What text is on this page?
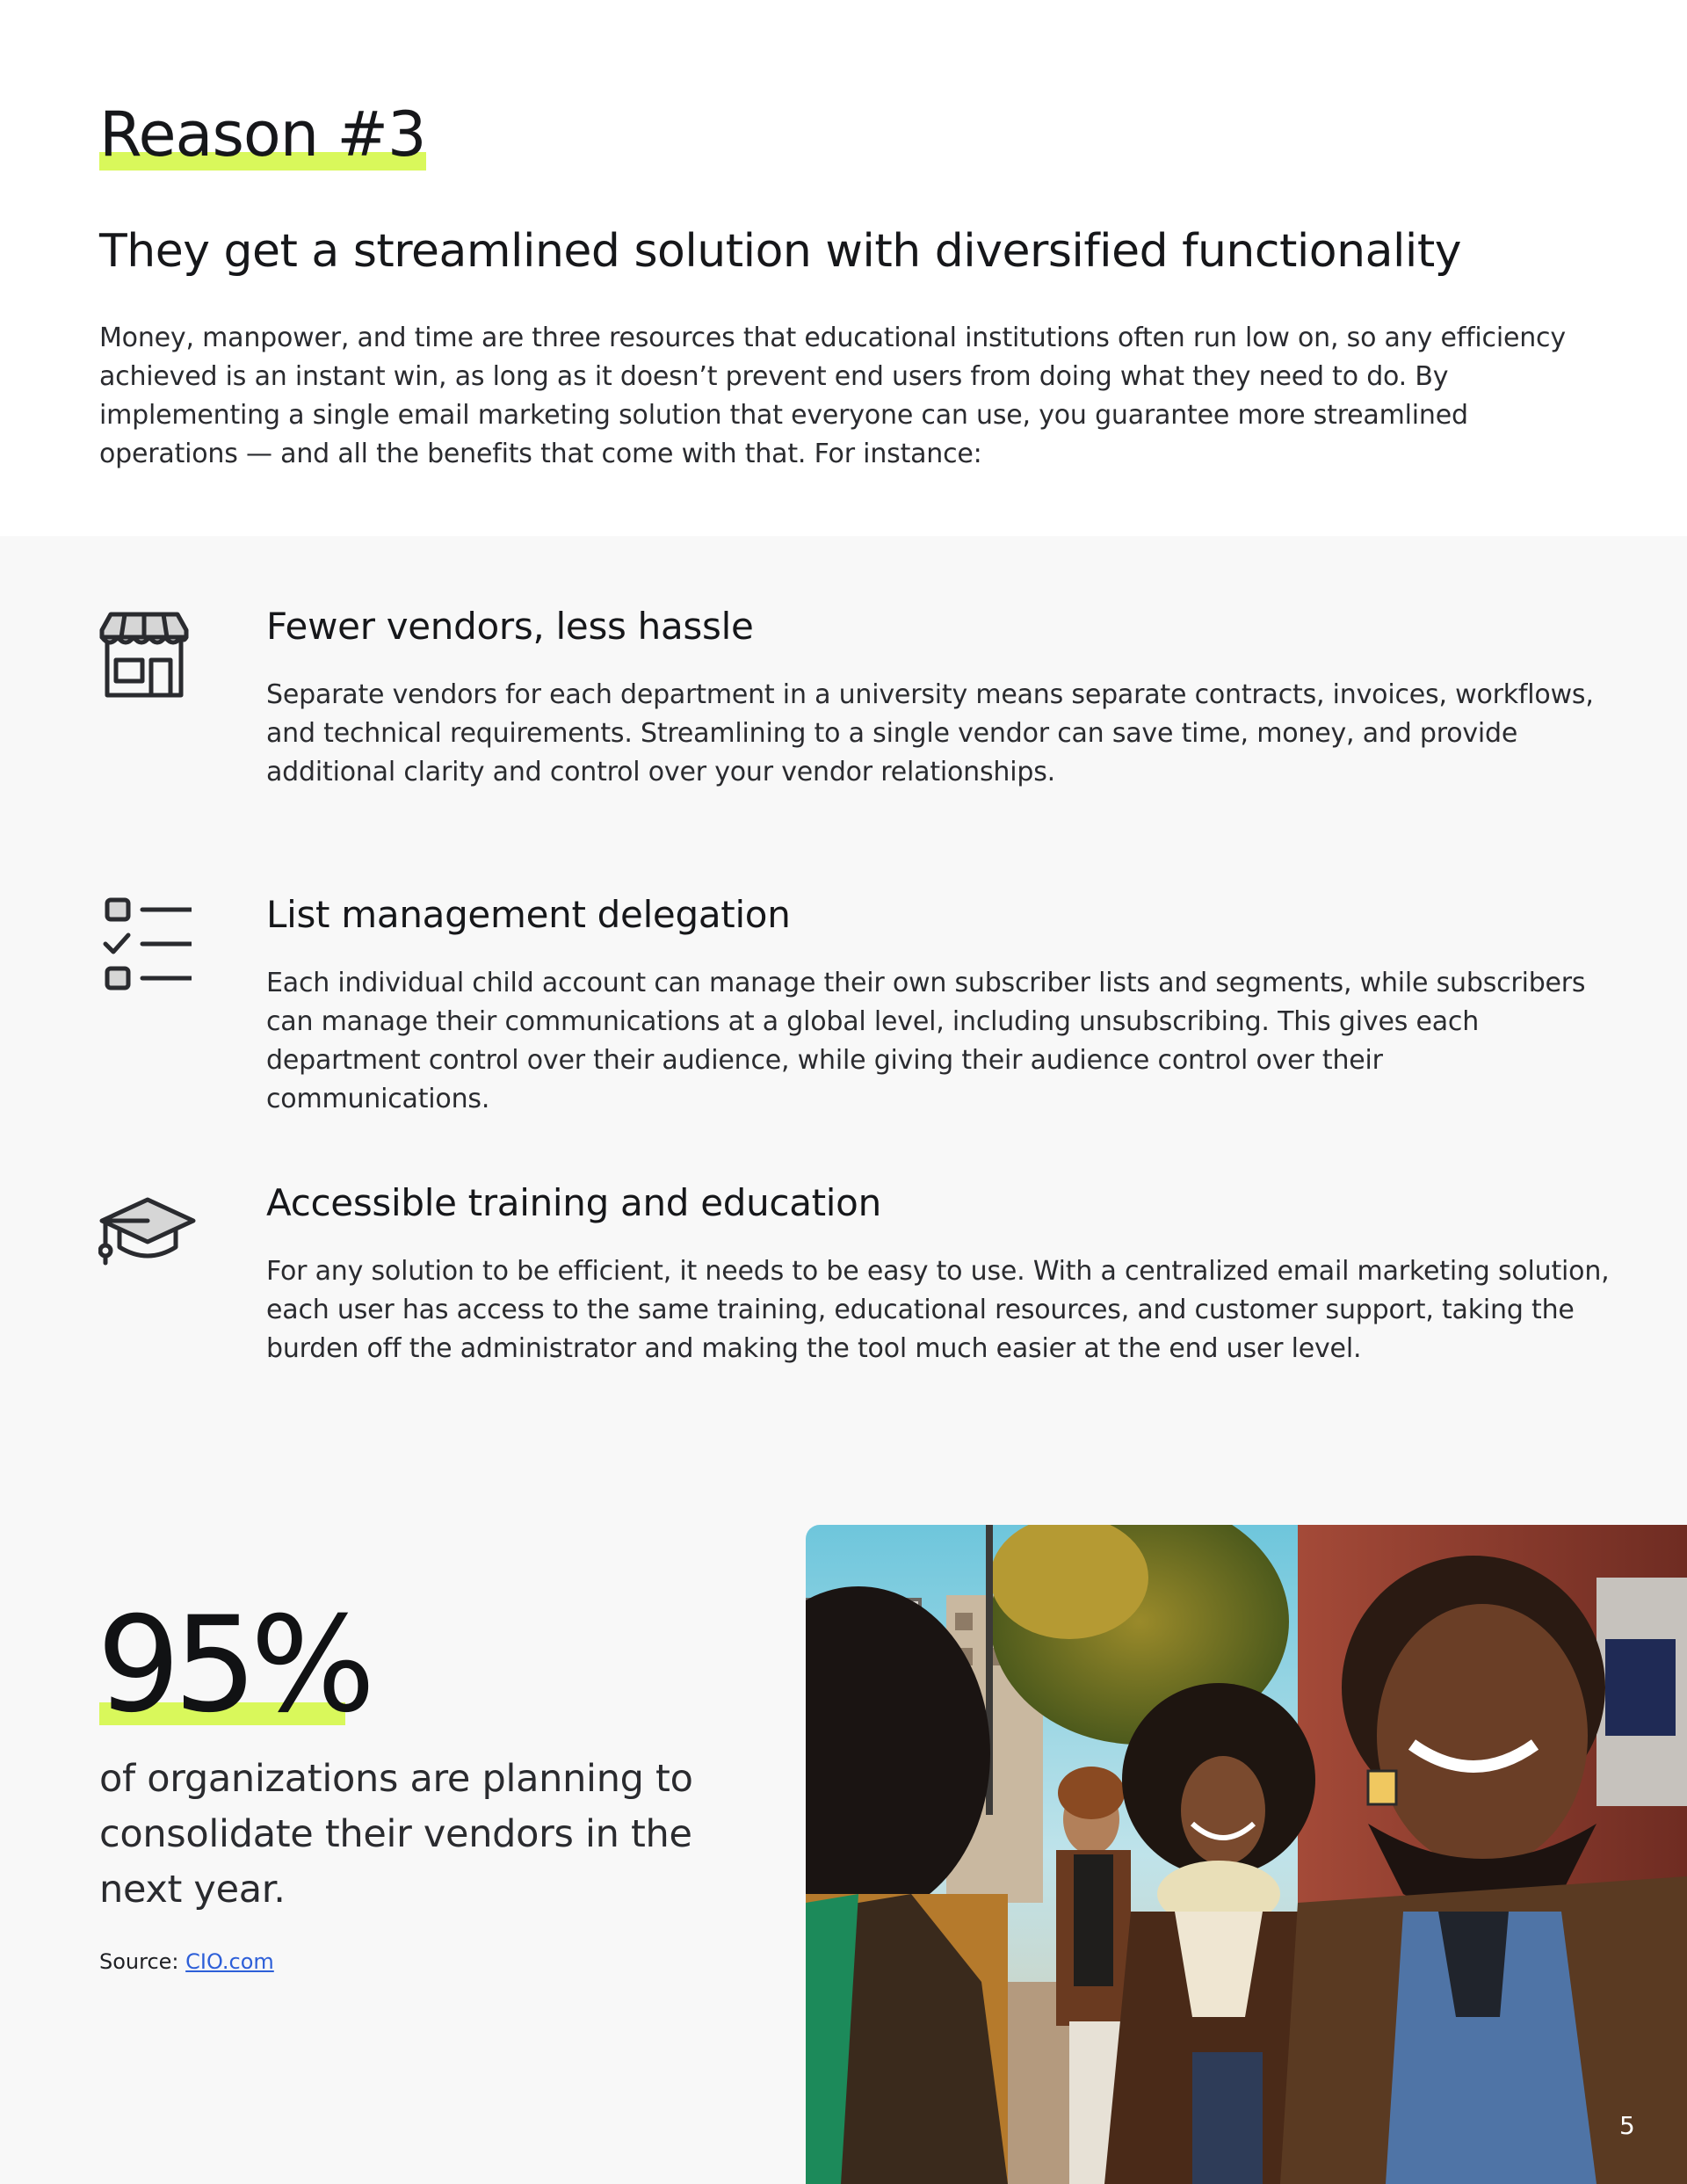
Reason #3
They get a streamlined solution with diversified functionality

Money, manpower, and time are three resources that educational institutions often run low on, so any efficiency achieved is an instant win, as long as it doesn’t prevent end users from doing what they need to do. By implementing a single email marketing solution that everyone can use, you guarantee more streamlined operations — and all the benefits that come with that. For instance:

Fewer vendors, less hassle
Separate vendors for each department in a university means separate contracts, invoices, workflows, and technical requirements. Streamlining to a single vendor can save time, money, and provide additional clarity and control over your vendor relationships.
List management delegation
Each individual child account can manage their own subscriber lists and segments, while subscribers can manage their communications at a global level, including unsubscribing. This gives each department control over their audience, while giving their audience control over their communications.
Accessible training and education
For any solution to be efficient, it needs to be easy to use. With a centralized email marketing solution, each user has access to the same training, educational resources, and customer support, taking the burden off the administrator and making the tool much easier at the end user level.
95%

of organizations are planning to consolidate their vendors in the next year.

Source: CIO.com
5
